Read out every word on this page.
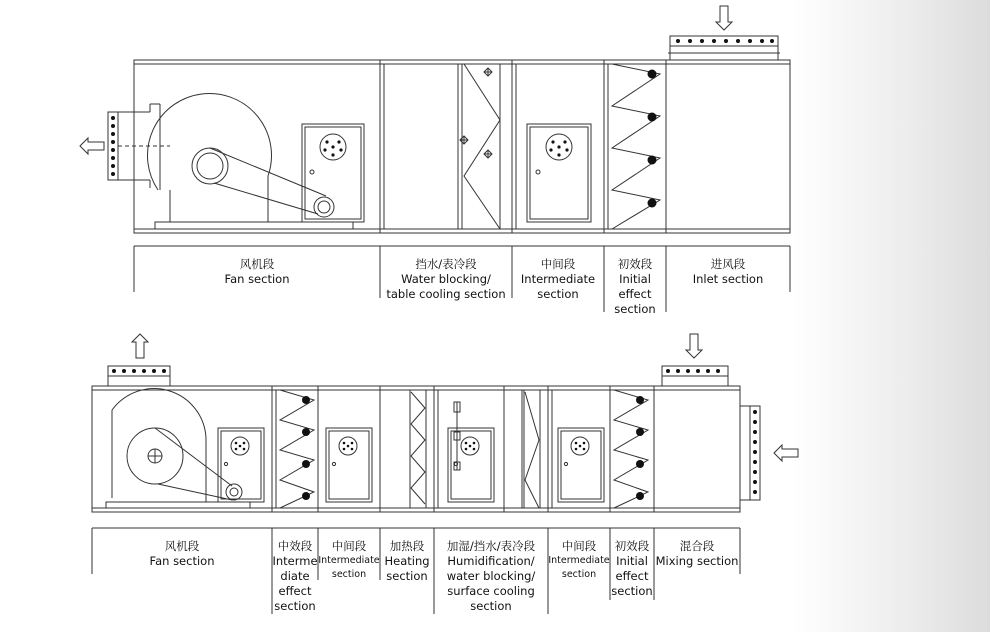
风机段
Fan section
挡水/表冷段
Water blocking/
table cooling section
中间段
Intermediate
section
初效段
Initial
effect
section
进风段
Inlet section
风机段
Fan section
中效段
Interme
diate
effect
section
中间段
Intermediate
section
加热段
Heating
section
加湿/挡水/表冷段
Humidification/
water blocking/
surface cooling
section
中间段
Intermediate
section
初效段
Initial
effect
section
混合段
Mixing section
